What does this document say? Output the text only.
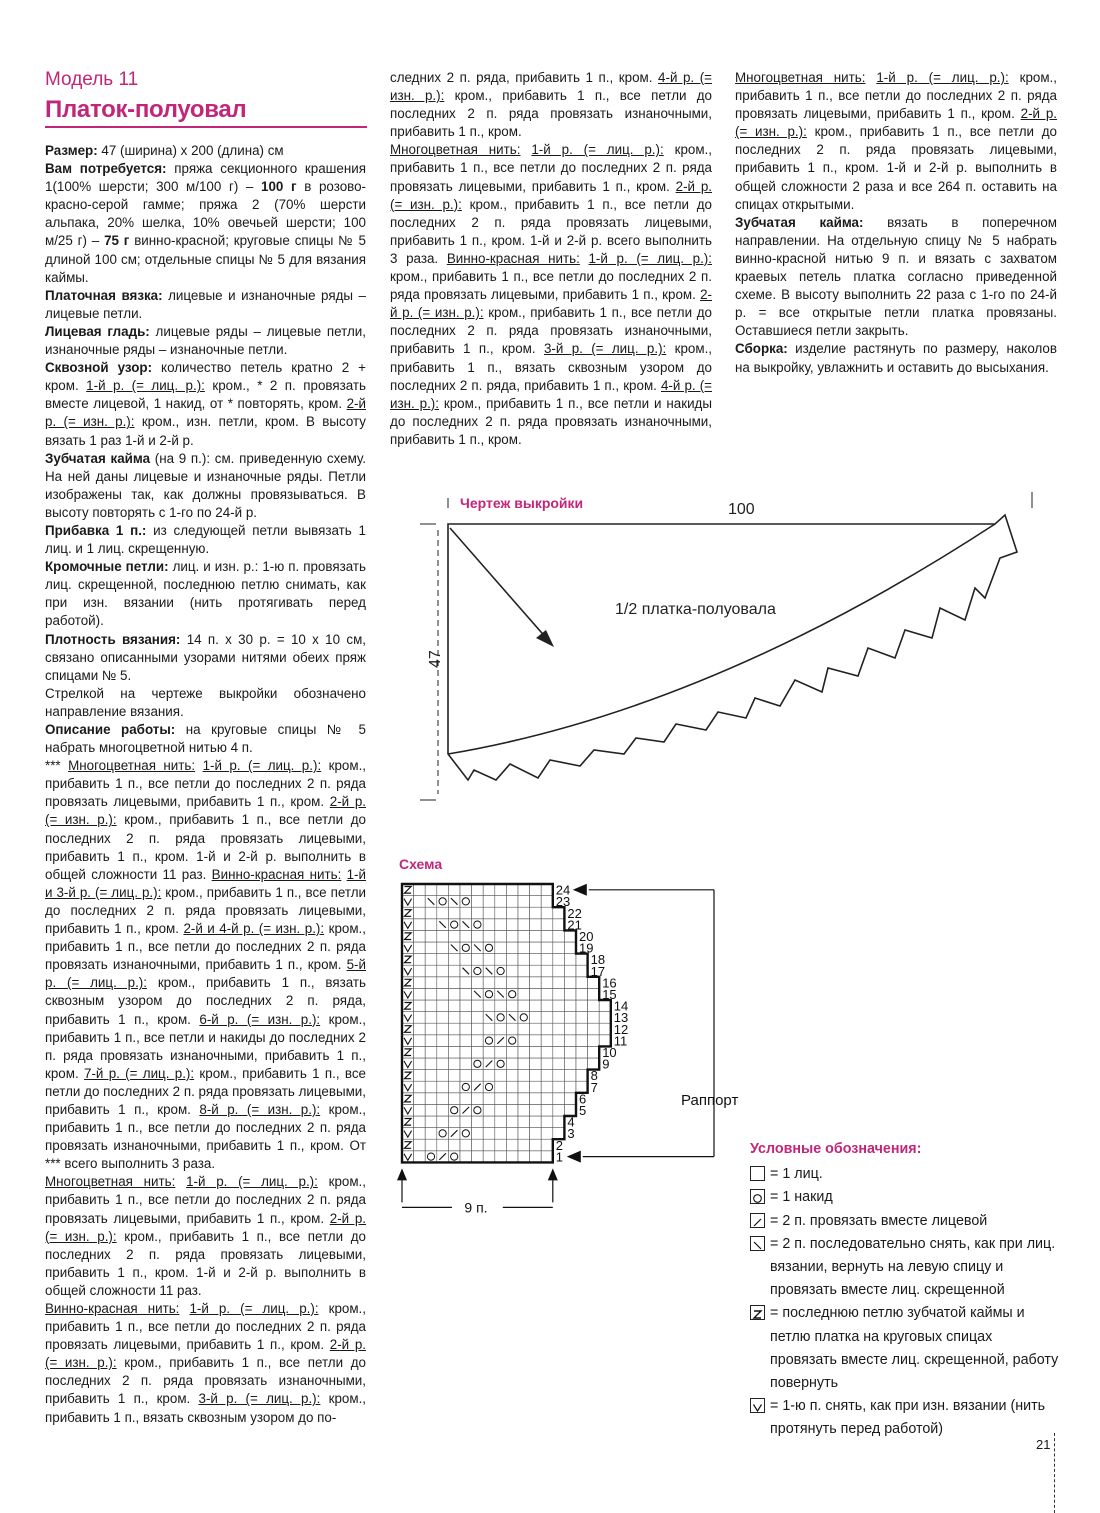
Модель 11
Платок-полуовал

Размер: 47 (ширина) х 200 (длина) см

Вам потребуется: пряжа секционного крашения 1(100% шерсти; 300 м/100 г) – 100 г в розово-красно-серой гамме; пряжа 2 (70% шерсти альпака, 20% шелка, 10% овечьей шерсти; 100 м/25 г) – 75 г винно-красной; круговые спицы № 5 длиной 100 см; отдельные спицы № 5 для вязания каймы.

Платочная вязка: лицевые и изнаночные ряды – лицевые петли.

Лицевая гладь: лицевые ряды – лицевые петли, изнаночные ряды – изнаночные петли.

Сквозной узор: количество петель кратно 2 + кром. 1-й р. (= лиц. р.): кром., * 2 п. провязать вместе лицевой, 1 накид, от * повторять, кром. 2-й р. (= изн. р.): кром., изн. петли, кром. В высоту вязать 1 раз 1-й и 2-й р.

Зубчатая кайма (на 9 п.): см. приведенную схему. На ней даны лицевые и изнаночные ряды. Петли изображены так, как должны провязываться. В высоту повторять с 1-го по 24-й р.

Прибавка 1 п.: из следующей петли вывязать 1 лиц. и 1 лиц. скрещенную.

Кромочные петли: лиц. и изн. р.: 1-ю п. провязать лиц. скрещенной, последнюю петлю снимать, как при изн. вязании (нить протягивать перед работой).

Плотность вязания: 14 п. х 30 р. = 10 х 10 см, связано описанными узорами нитями обеих пряж спицами № 5.

Стрелкой на чертеже выкройки обозначено направление вязания.

Описание работы: на круговые спицы № 5 набрать многоцветной нитью 4 п.

*** Многоцветная нить: 1-й р. (= лиц. р.): кром., прибавить 1 п., все петли до последних 2 п. ряда провязать лицевыми, прибавить 1 п., кром. 2-й р. (= изн. р.): кром., прибавить 1 п., все петли до последних 2 п. ряда провязать лицевыми, прибавить 1 п., кром. 1-й и 2-й р. выполнить в общей сложности 11 раз. Винно-красная нить: 1-й и 3-й р. (= лиц. р.): кром., прибавить 1 п., все петли до последних 2 п. ряда провязать лицевыми, прибавить 1 п., кром. 2-й и 4-й р. (= изн. р.): кром., прибавить 1 п., все петли до последних 2 п. ряда провязать изнаночными, прибавить 1 п., кром. 5-й р. (= лиц. р.): кром., прибавить 1 п., вязать сквозным узором до последних 2 п. ряда, прибавить 1 п., кром. 6-й р. (= изн. р.): кром., прибавить 1 п., все петли и накиды до последних 2 п. ряда провязать изнаночными, прибавить 1 п., кром. 7-й р. (= лиц. р.): кром., прибавить 1 п., все петли до последних 2 п. ряда провязать лицевыми, прибавить 1 п., кром. 8-й р. (= изн. р.): кром., прибавить 1 п., все петли до последних 2 п. ряда провязать изнаночными, прибавить 1 п., кром. От *** всего выполнить 3 раза.

Многоцветная нить: 1-й р. (= лиц. р.): кром., прибавить 1 п., все петли до последних 2 п. ряда провязать лицевыми, прибавить 1 п., кром. 2-й р. (= изн. р.): кром., прибавить 1 п., все петли до последних 2 п. ряда провязать лицевыми, прибавить 1 п., кром. 1-й и 2-й р. выполнить в общей сложности 11 раз.

Винно-красная нить: 1-й р. (= лиц. р.): кром., прибавить 1 п., все петли до последних 2 п. ряда провязать лицевыми, прибавить 1 п., кром. 2-й р. (= изн. р.): кром., прибавить 1 п., все петли до последних 2 п. ряда провязать изнаночными, прибавить 1 п., кром. 3-й р. (= лиц. р.): кром., прибавить 1 п., вязать сквозным узором до по-

следних 2 п. ряда, прибавить 1 п., кром. 4-й р. (= изн. р.): кром., прибавить 1 п., все петли до последних 2 п. ряда провязать изнаночными, прибавить 1 п., кром.

Многоцветная нить: 1-й р. (= лиц. р.): кром., прибавить 1 п., все петли до последних 2 п. ряда провязать лицевыми, прибавить 1 п., кром. 2-й р. (= изн. р.): кром., прибавить 1 п., все петли до последних 2 п. ряда провязать лицевыми, прибавить 1 п., кром. 1-й и 2-й р. всего выполнить 3 раза. Винно-красная нить: 1-й р. (= лиц. р.): кром., прибавить 1 п., все петли до последних 2 п. ряда провязать лицевыми, прибавить 1 п., кром. 2-й р. (= изн. р.): кром., прибавить 1 п., все петли до последних 2 п. ряда провязать изнаночными, прибавить 1 п., кром. 3-й р. (= лиц. р.): кром., прибавить 1 п., вязать сквозным узором до последних 2 п. ряда, прибавить 1 п., кром. 4-й р. (= изн. р.): кром., прибавить 1 п., все петли и накиды до последних 2 п. ряда провязать изнаночными, прибавить 1 п., кром.

Многоцветная нить: 1-й р. (= лиц. р.): кром., прибавить 1 п., все петли до последних 2 п. ряда провязать лицевыми, прибавить 1 п., кром. 2-й р. (= изн. р.): кром., прибавить 1 п., все петли до последних 2 п. ряда провязать лицевыми, прибавить 1 п., кром. 1-й и 2-й р. выполнить в общей сложности 2 раза и все 264 п. оставить на спицах открытыми.

Зубчатая кайма: вязать в поперечном направлении. На отдельную спицу № 5 набрать винно-красной нитью 9 п. и вязать с захватом краевых петель платка согласно приведенной схеме. В высоту выполнить 22 раза с 1-го по 24-й р. = все открытые петли платка провязаны. Оставшиеся петли закрыть.

Сборка: изделие растянуть по размеру, наколов на выкройку, увлажнить и оставить до высыхания.

Чертеж выкройки	100
47
1/2 платка-полуовала
Схема
1
2
3
4
5
6
7
8
9
10
11
12
13
14
15
16
17
18
19
20
21
22
23
24
Раппорт
9 п.
Условные обозначения:
= 1 лиц.
= 1 накид
= 2 п. провязать вместе лицевой
= 2 п. последовательно снять, как при лиц. вязании, вернуть на левую спицу и провязать вместе лиц. скрещенной
= последнюю петлю зубчатой каймы и петлю платка на круговых спицах провязать вместе лиц. скрещенной, работу повернуть
= 1-ю п. снять, как при изн. вязании (нить протянуть перед работой)
21
